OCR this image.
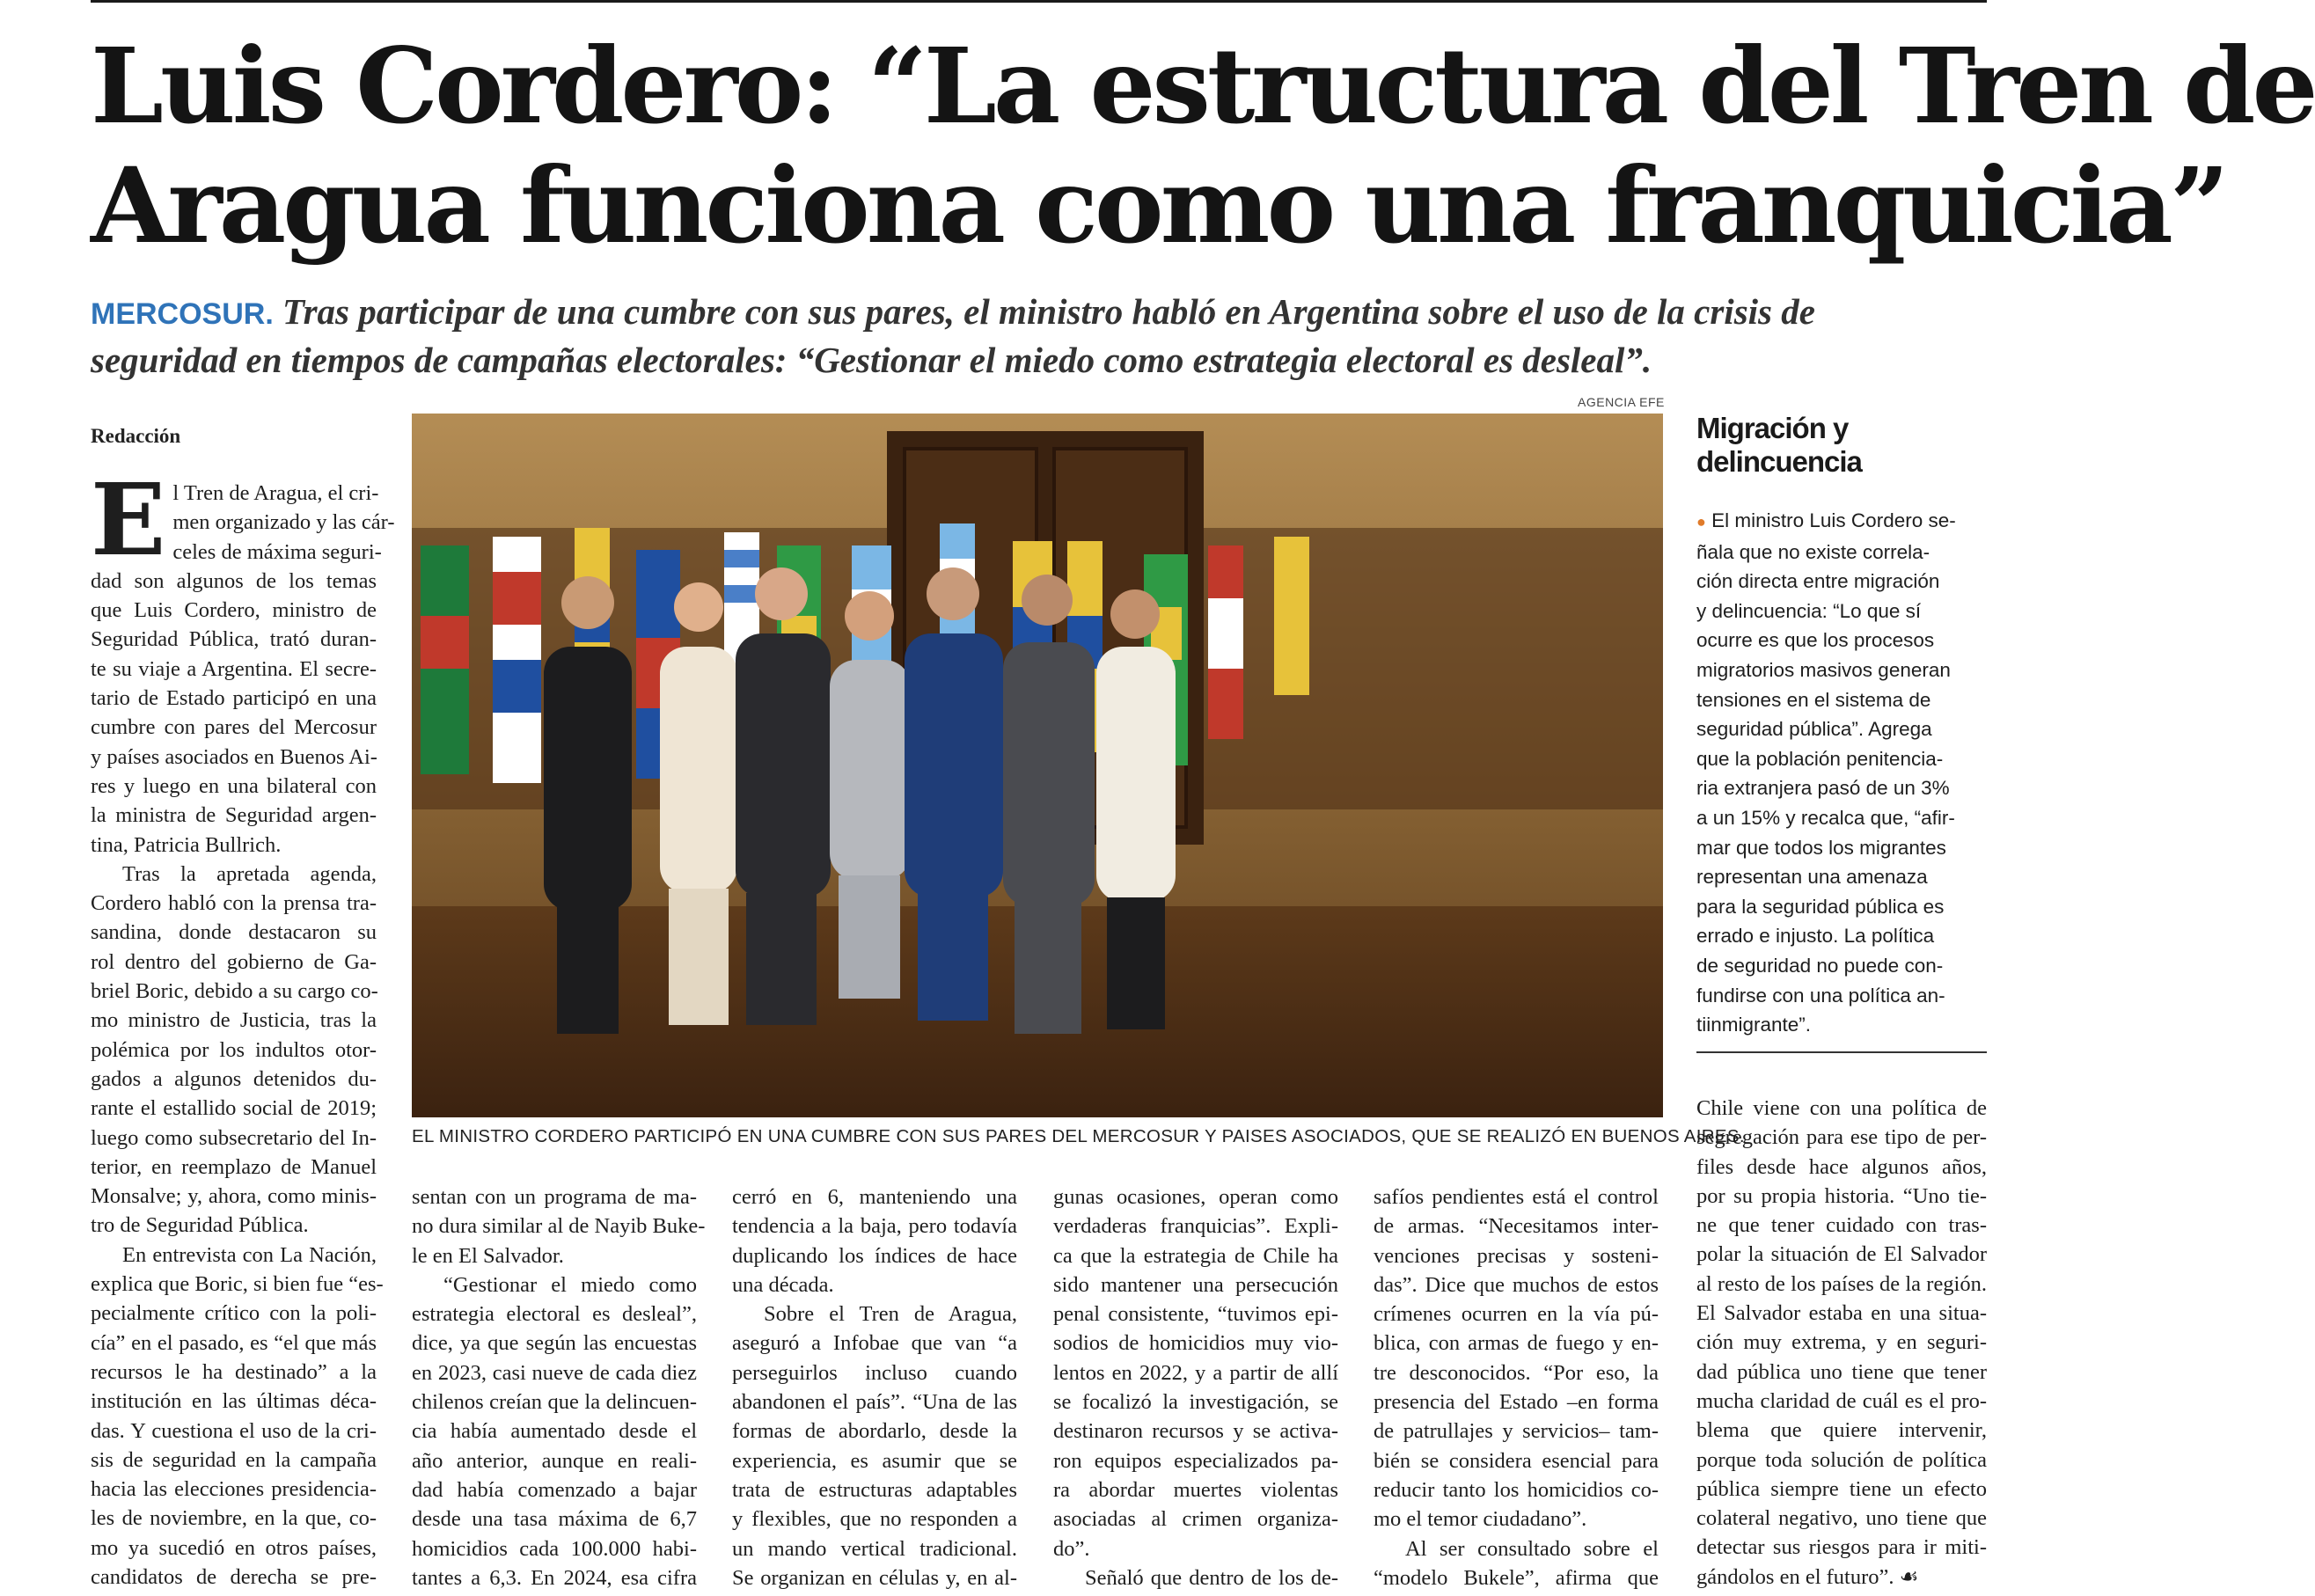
Luis Cordero: “La estructura del Tren de
Aragua funciona como una franquicia”
MERCOSUR. Tras participar de una cumbre con sus pares, el ministro habló en Argentina sobre el uso de la crisis de
seguridad en tiempos de campañas electorales: “Gestionar el miedo como estrategia electoral es desleal”.
AGENCIA EFE
EL MINISTRO CORDERO PARTICIPÓ EN UNA CUMBRE CON SUS PARES DEL MERCOSUR Y PAISES ASOCIADOS, QUE SE REALIZÓ EN BUENOS AIRES.
Redacción
E l Tren de Aragua, el cri-
men organizado y las cár-
celes de máxima seguri-
dad son algunos de los temas
que Luis Cordero, ministro de
Seguridad Pública, trató duran-
te su viaje a Argentina. El secre-
tario de Estado participó en una
cumbre con pares del Mercosur
y países asociados en Buenos Ai-
res y luego en una bilateral con
la ministra de Seguridad argen-
tina, Patricia Bullrich.
Tras la apretada agenda,
Cordero habló con la prensa tra-
sandina, donde destacaron su
rol dentro del gobierno de Ga-
briel Boric, debido a su cargo co-
mo ministro de Justicia, tras la
polémica por los indultos otor-
gados a algunos detenidos du-
rante el estallido social de 2019;
luego como subsecretario del In-
terior, en reemplazo de Manuel
Monsalve; y, ahora, como minis-
tro de Seguridad Pública.
En entrevista con La Nación,
explica que Boric, si bien fue “es-
pecialmente crítico con la poli-
cía” en el pasado, es “el que más
recursos le ha destinado” a la
institución en las últimas déca-
das. Y cuestiona el uso de la cri-
sis de seguridad en la campaña
hacia las elecciones presidencia-
les de noviembre, en la que, co-
mo ya sucedió en otros países,
candidatos de derecha se pre-
sentan con un programa de ma-
no dura similar al de Nayib Buke-
le en El Salvador.
“Gestionar el miedo como
estrategia electoral es desleal”,
dice, ya que según las encuestas
en 2023, casi nueve de cada diez
chilenos creían que la delincuen-
cia había aumentado desde el
año anterior, aunque en reali-
dad había comenzado a bajar
desde una tasa máxima de 6,7
homicidios cada 100.000 habi-
tantes a 6,3. En 2024, esa cifra
cerró en 6, manteniendo una
tendencia a la baja, pero todavía
duplicando los índices de hace
una década.
Sobre el Tren de Aragua,
aseguró a Infobae que van “a
perseguirlos incluso cuando
abandonen el país”. “Una de las
formas de abordarlo, desde la
experiencia, es asumir que se
trata de estructuras adaptables
y flexibles, que no responden a
un mando vertical tradicional.
Se organizan en células y, en al-
gunas ocasiones, operan como
verdaderas franquicias”. Expli-
ca que la estrategia de Chile ha
sido mantener una persecución
penal consistente, “tuvimos epi-
sodios de homicidios muy vio-
lentos en 2022, y a partir de allí
se focalizó la investigación, se
destinaron recursos y se activa-
ron equipos especializados pa-
ra abordar muertes violentas
asociadas al crimen organiza-
do”.
Señaló que dentro de los de-
safíos pendientes está el control
de armas. “Necesitamos inter-
venciones precisas y sosteni-
das”. Dice que muchos de estos
crímenes ocurren en la vía pú-
blica, con armas de fuego y en-
tre desconocidos. “Por eso, la
presencia del Estado –en forma
de patrullajes y servicios– tam-
bién se considera esencial para
reducir tanto los homicidios co-
mo el temor ciudadano”.
Al ser consultado sobre el
“modelo Bukele”, afirma que
Chile viene con una política de
segregación para ese tipo de per-
files desde hace algunos años,
por su propia historia. “Uno tie-
ne que tener cuidado con tras-
polar la situación de El Salvador
al resto de los países de la región.
El Salvador estaba en una situa-
ción muy extrema, y en seguri-
dad pública uno tiene que tener
mucha claridad de cuál es el pro-
blema que quiere intervenir,
porque toda solución de política
pública siempre tiene un efecto
colateral negativo, uno tiene que
detectar sus riesgos para ir miti-
gándolos en el futuro”. ☙
Migración y
delincuencia
● El ministro Luis Cordero se-
ñala que no existe correla-
ción directa entre migración
y delincuencia: “Lo que sí
ocurre es que los procesos
migratorios masivos generan
tensiones en el sistema de
seguridad pública”. Agrega
que la población penitencia-
ria extranjera pasó de un 3%
a un 15% y recalca que, “afir-
mar que todos los migrantes
representan una amenaza
para la seguridad pública es
errado e injusto. La política
de seguridad no puede con-
fundirse con una política an-
tiinmigrante”.
